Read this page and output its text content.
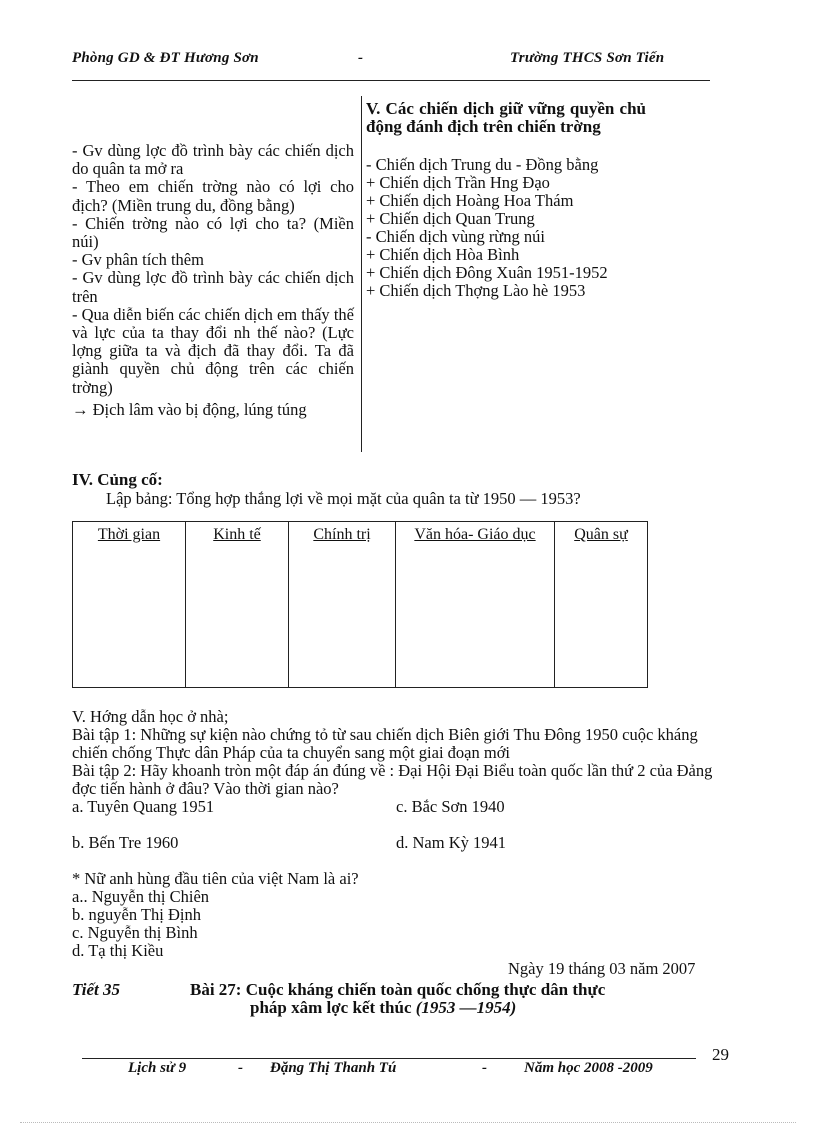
Phòng GD & ĐT Hương Sơn	-	Trường THCS Sơn Tiến
- Gv dùng lợc đồ trình bày các chiến dịch do quân ta mở ra
- Theo em chiến trờng nào có lợi cho địch? (Miền trung du, đồng bằng)
- Chiến trờng nào có lợi cho ta? (Miền núi)
- Gv phân tích thêm
- Gv dùng lợc đồ trình bày các chiến dịch trên
- Qua diễn biến các chiến dịch em thấy thế và lực của ta thay đổi nh thế nào? (Lực lợng giữa ta và địch đã thay đổi. Ta đã giành quyền chủ động trên các chiến trờng)
→ Địch lâm vào bị động, lúng túng
V. Các chiến dịch giữ vững quyền chủ động đánh địch trên chiến trờng
- Chiến dịch Trung du - Đồng bằng
+ Chiến dịch Trần Hng Đạo
+ Chiến dịch Hoàng Hoa Thám
+ Chiến dịch Quan Trung
- Chiến dịch vùng rừng núi
+ Chiến dịch Hòa Bình
+ Chiến dịch Đông Xuân 1951-1952
+ Chiến dịch Thợng Lào hè 1953
IV. Củng cố:
Lập bảng: Tổng hợp thắng lợi về mọi mặt của quân ta từ 1950 — 1953?
Thời gian	Kinh tế	Chính trị	Văn hóa- Giáo dục	Quân sự
V. Hớng dẫn học ở nhà;
Bài tập 1: Những sự kiện nào chứng tỏ từ sau chiến dịch Biên giới Thu Đông 1950 cuộc kháng chiến chống Thực dân Pháp của ta chuyển sang một giai đoạn mới
Bài tập 2: Hãy khoanh tròn một đáp án đúng về : Đại Hội Đại Biểu toàn quốc lần thứ 2 của Đảng đợc tiến hành ở đâu? Vào thời gian nào?
a. Tuyên Quang 1951	c. Bắc Sơn 1940
b. Bến Tre 1960	d. Nam Kỳ 1941
* Nữ anh hùng đầu tiên của việt Nam là ai?
a.. Nguyễn thị Chiên
b. nguyễn Thị Định
c. Nguyễn thị Bình
d. Tạ thị Kiều
Ngày 19 tháng 03 năm 2007
Tiết 35	Bài 27: Cuộc kháng chiến toàn quốc chống thực dân thực
pháp xâm lợc kết thúc (1953 —1954)
29
Lịch sử 9	- Đặng Thị Thanh Tú	- Năm học 2008 -2009
